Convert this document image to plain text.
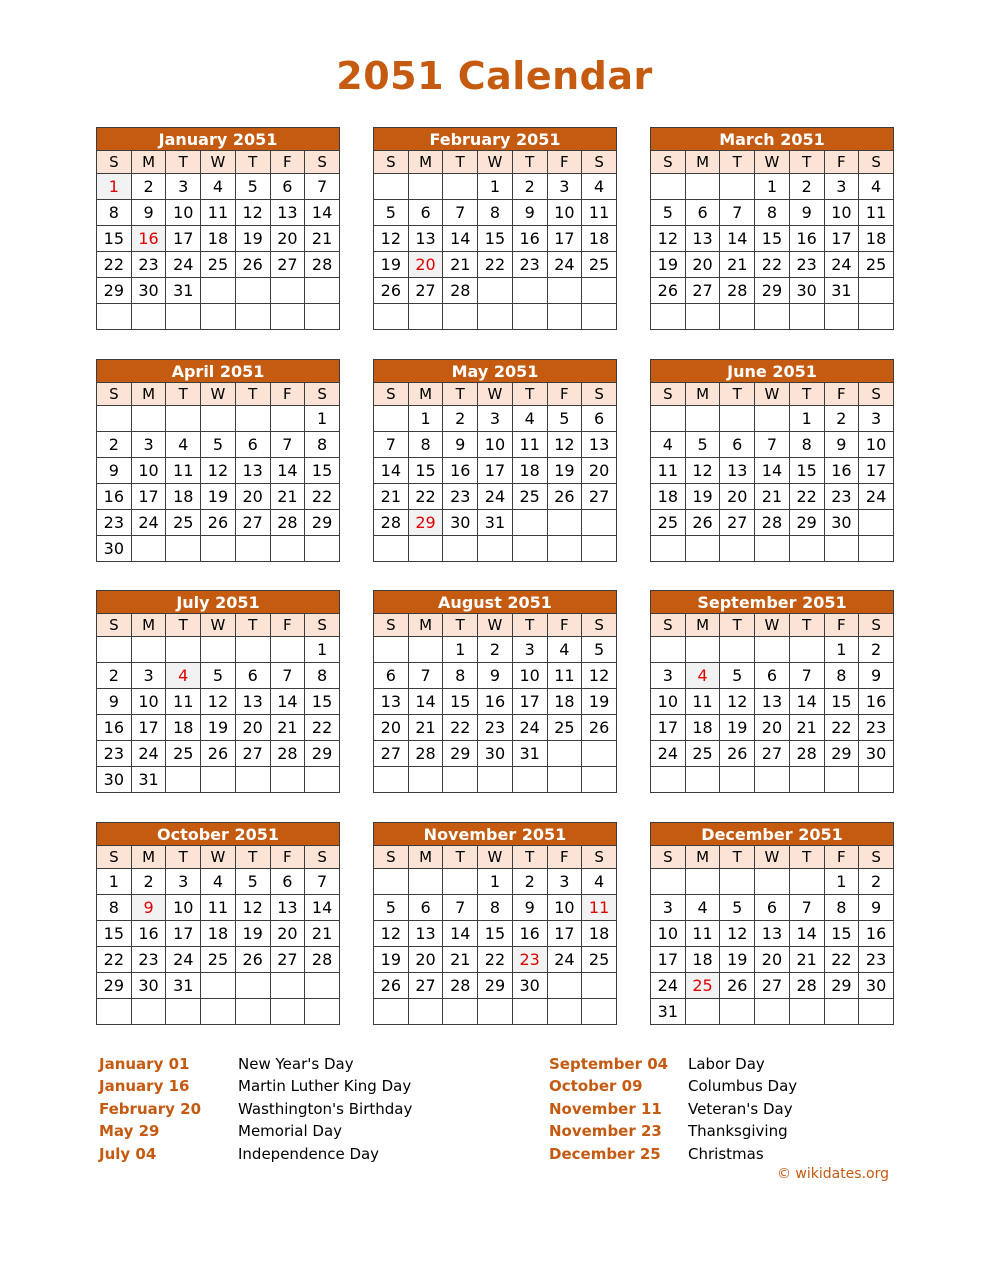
2051 Calendar
January 2051						
S	M	T	W	T	F	S
1	2	3	4	5	6	7
8	9	10	11	12	13	14
15	16	17	18	19	20	21
22	23	24	25	26	27	28
29	30	31				

February 2051						
S	M	T	W	T	F	S
			1	2	3	4
5	6	7	8	9	10	11
12	13	14	15	16	17	18
19	20	21	22	23	24	25
26	27	28				

March 2051						
S	M	T	W	T	F	S
			1	2	3	4
5	6	7	8	9	10	11
12	13	14	15	16	17	18
19	20	21	22	23	24	25
26	27	28	29	30	31	

April 2051						
S	M	T	W	T	F	S
						1
2	3	4	5	6	7	8
9	10	11	12	13	14	15
16	17	18	19	20	21	22
23	24	25	26	27	28	29
30						
May 2051						
S	M	T	W	T	F	S
	1	2	3	4	5	6
7	8	9	10	11	12	13
14	15	16	17	18	19	20
21	22	23	24	25	26	27
28	29	30	31			

June 2051						
S	M	T	W	T	F	S
				1	2	3
4	5	6	7	8	9	10
11	12	13	14	15	16	17
18	19	20	21	22	23	24
25	26	27	28	29	30	

July 2051						
S	M	T	W	T	F	S
						1
2	3	4	5	6	7	8
9	10	11	12	13	14	15
16	17	18	19	20	21	22
23	24	25	26	27	28	29
30	31					
August 2051						
S	M	T	W	T	F	S
		1	2	3	4	5
6	7	8	9	10	11	12
13	14	15	16	17	18	19
20	21	22	23	24	25	26
27	28	29	30	31		

September 2051						
S	M	T	W	T	F	S
					1	2
3	4	5	6	7	8	9
10	11	12	13	14	15	16
17	18	19	20	21	22	23
24	25	26	27	28	29	30

October 2051						
S	M	T	W	T	F	S
1	2	3	4	5	6	7
8	9	10	11	12	13	14
15	16	17	18	19	20	21
22	23	24	25	26	27	28
29	30	31				

November 2051						
S	M	T	W	T	F	S
			1	2	3	4
5	6	7	8	9	10	11
12	13	14	15	16	17	18
19	20	21	22	23	24	25
26	27	28	29	30		

December 2051						
S	M	T	W	T	F	S
					1	2
3	4	5	6	7	8	9
10	11	12	13	14	15	16
17	18	19	20	21	22	23
24	25	26	27	28	29	30
31						
January 01	New Year's Day
January 16	Martin Luther King Day
February 20 Wasthington's Birthday
May 29	Memorial Day
July 04	Independence Day
September 04 Labor Day
October 09	Columbus Day
November 11 Veteran's Day
November 23 Thanksgiving
December 25 Christmas
© wikidates.org
